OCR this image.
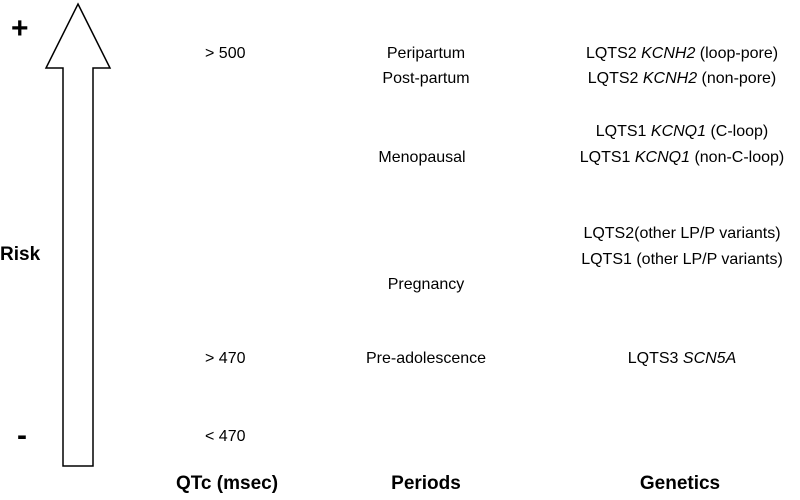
+
-
Risk
> 500
> 470
< 470
Peripartum
Post-partum
Menopausal
Pregnancy
Pre-adolescence
LQTS2 KCNH2 (loop-pore)
LQTS2 KCNH2 (non-pore)
LQTS1 KCNQ1 (C-loop)
LQTS1 KCNQ1 (non-C-loop)
LQTS2(other LP/P variants)
LQTS1 (other LP/P variants)
LQTS3 SCN5A
QTc (msec)	Periods	Genetics
